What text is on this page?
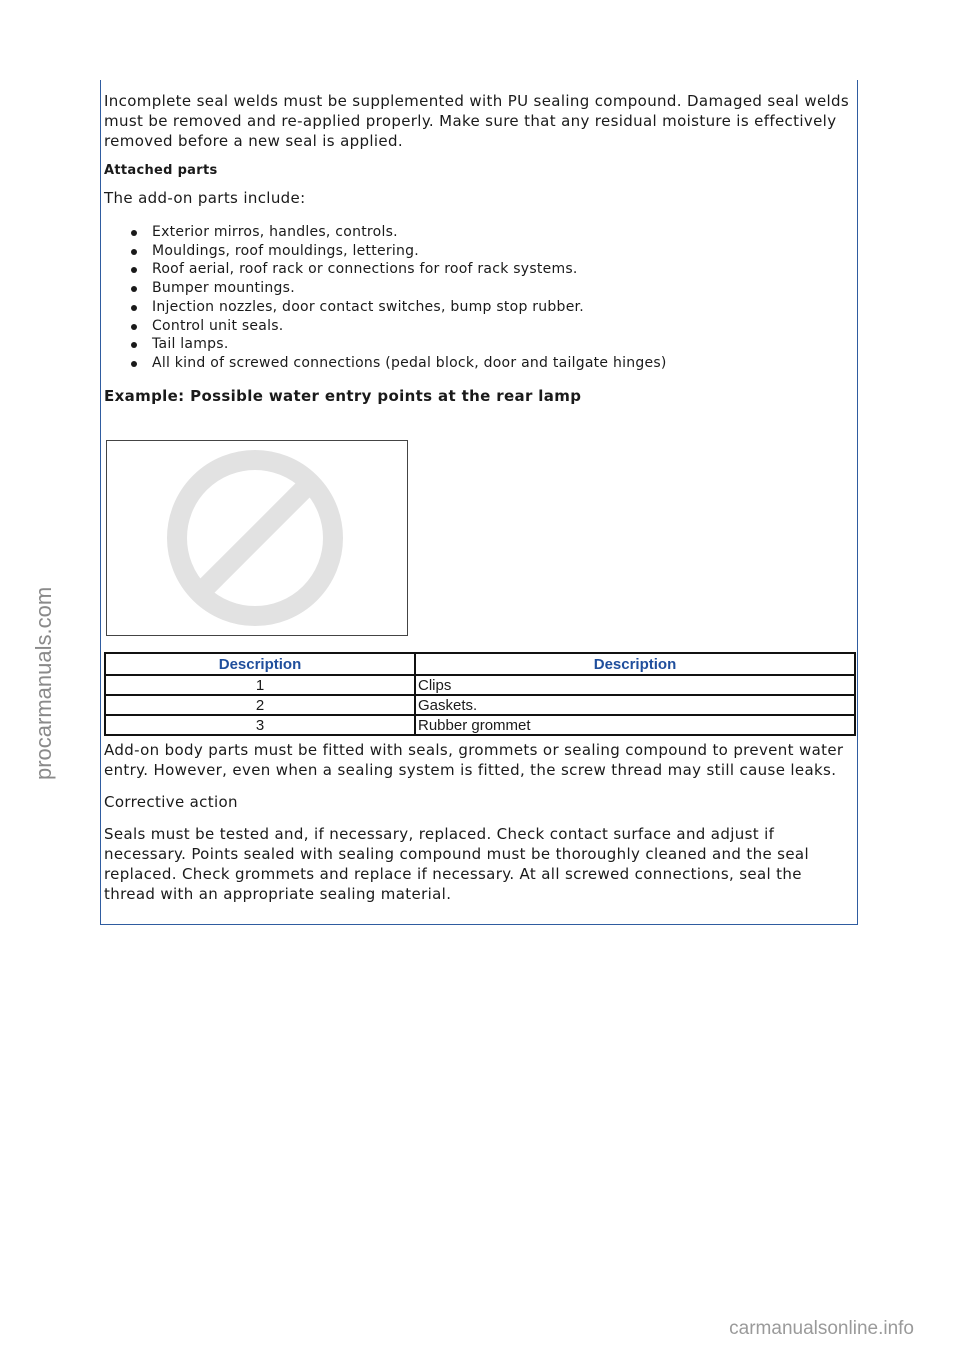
Incomplete seal welds must be supplemented with PU sealing compound. Damaged seal welds must be removed and re-applied properly. Make sure that any residual moisture is effectively removed before a new seal is applied.

Attached parts

The add-on parts include:

Exterior mirros, handles, controls.
Mouldings, roof mouldings, lettering.
Roof aerial, roof rack or connections for roof rack systems.
Bumper mountings.
Injection nozzles, door contact switches, bump stop rubber.
Control unit seals.
Tail lamps.
All kind of screwed connections (pedal block, door and tailgate hinges)

Example: Possible water entry points at the rear lamp

Description	Description
1	Clips
2	Gaskets.
3	Rubber grommet

Add-on body parts must be fitted with seals, grommets or sealing compound to prevent water entry. However, even when a sealing system is fitted, the screw thread may still cause leaks.

Corrective action

Seals must be tested and, if necessary, replaced. Check contact surface and adjust if necessary. Points sealed with sealing compound must be thoroughly cleaned and the seal replaced. Check grommets and replace if necessary. At all screwed connections, seal the thread with an appropriate sealing material.

procarmanuals.com
carmanualsonline.info
